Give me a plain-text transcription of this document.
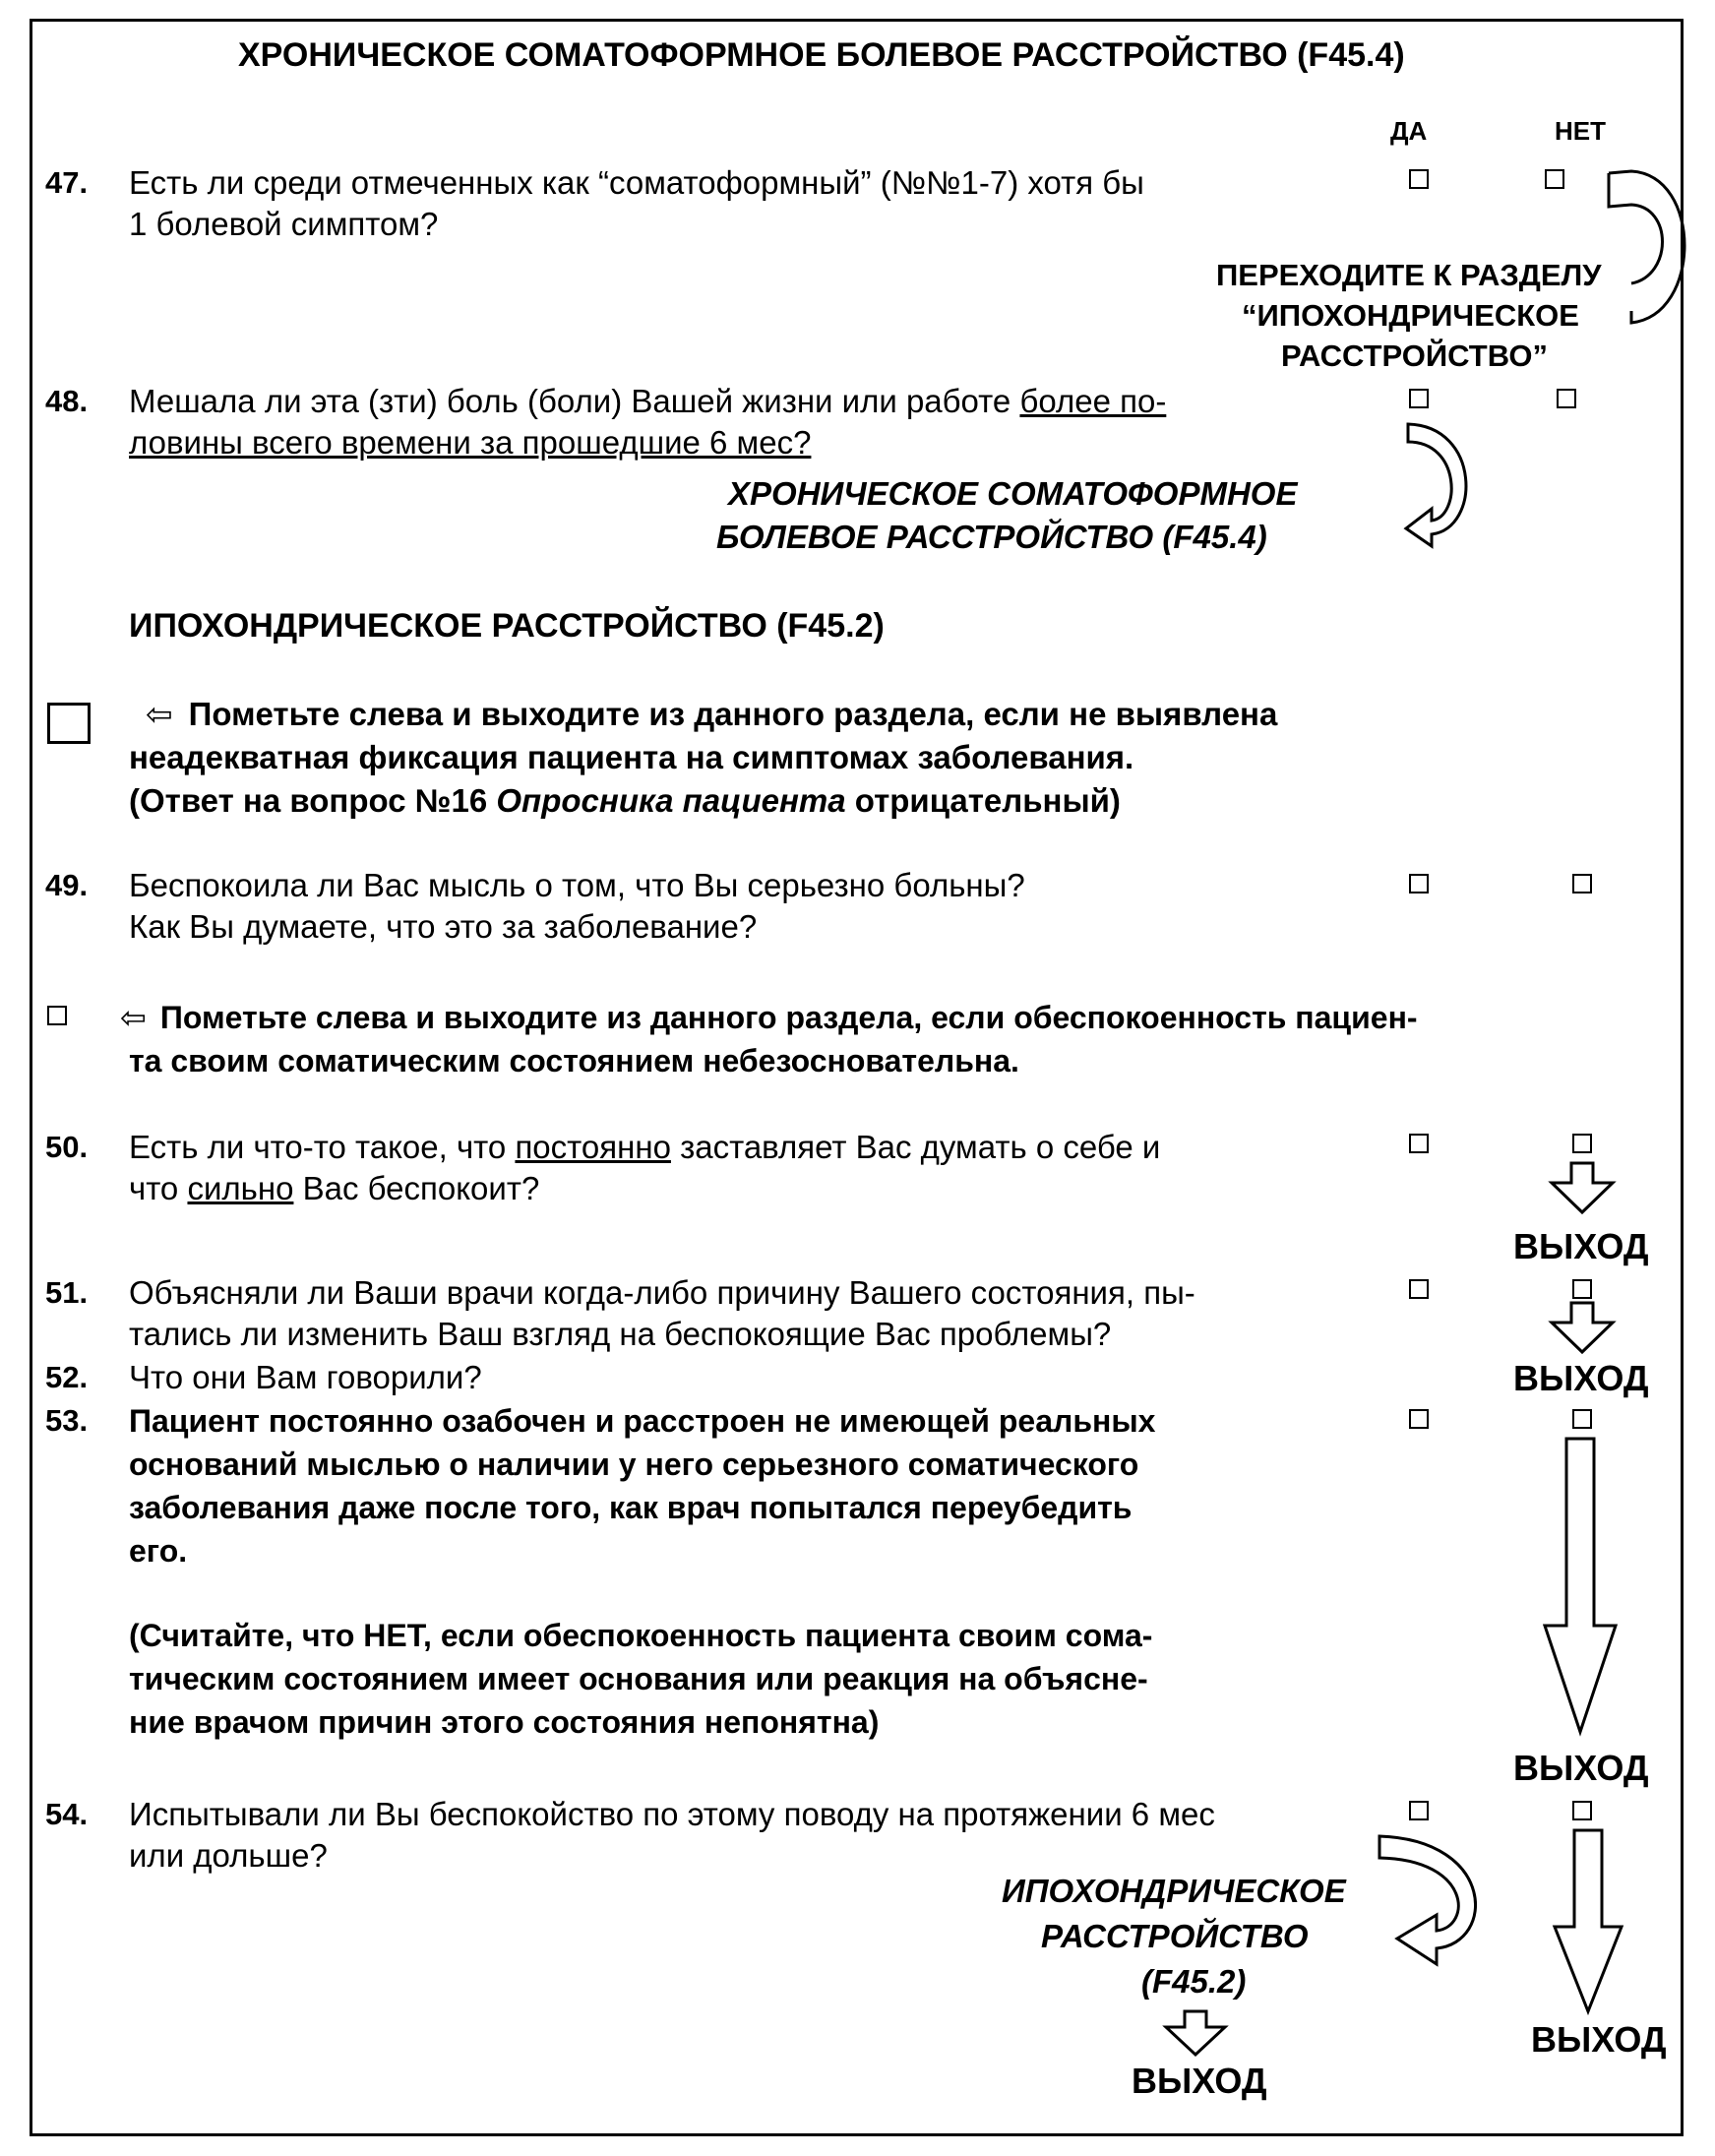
ХРОНИЧЕСКОЕ СОМАТОФОРМНОЕ БОЛЕВОЕ РАССТРОЙСТВО (F45.4)
ДА	НЕТ
47. Есть ли среди отмеченных как “соматоформный” (№№1-7) хотя бы
1 болевой симптом?
ПЕРЕХОДИТЕ К РАЗДЕЛУ
“ИПОХОНДРИЧЕСКОЕ
РАССТРОЙСТВО”
48. Мешала ли эта (зти) боль (боли) Вашей жизни или работе более по-
ловины всего времени за прошедшие 6 мес?
ХРОНИЧЕСКОЕ СОМАТОФОРМНОЕ
БОЛЕВОЕ РАССТРОЙСТВО (F45.4)
ИПОХОНДРИЧЕСКОЕ РАССТРОЙСТВО (F45.2)
⇦ Пометьте слева и выходите из данного раздела, если не выявлена
неадекватная фиксация пациента на симптомах заболевания.
(Ответ на вопрос №16 Опросника пациента отрицательный)
49. Беспокоила ли Вас мысль о том, что Вы серьезно больны?
Как Вы думаете, что это за заболевание?
⇦ Пометьте слева и выходите из данного раздела, если обеспокоенность пациен-
та своим соматическим состоянием небезосновательна.
50. Есть ли что-то такое, что постоянно заставляет Вас думать о себе и
что сильно Вас беспокоит?
ВЫХОД
51. Объясняли ли Ваши врачи когда-либо причину Вашего состояния, пы-
тались ли изменить Ваш взгляд на беспокоящие Вас проблемы?
ВЫХОД
52. Что они Вам говорили?
53. Пациент постоянно озабочен и расстроен не имеющей реальных
оснований мыслью о наличии у него серьезного соматического
заболевания даже после того, как врач попытался переубедить
его.
(Считайте, что НЕТ, если обеспокоенность пациента своим сома-
тическим состоянием имеет основания или реакция на объясне-
ние врачом причин этого состояния непонятна)
ВЫХОД
54. Испытывали ли Вы беспокойство по этому поводу на протяжении 6 мес
или дольше?
ИПОХОНДРИЧЕСКОЕ
РАССТРОЙСТВО
(F45.2)
ВЫХОД
ВЫХОД
